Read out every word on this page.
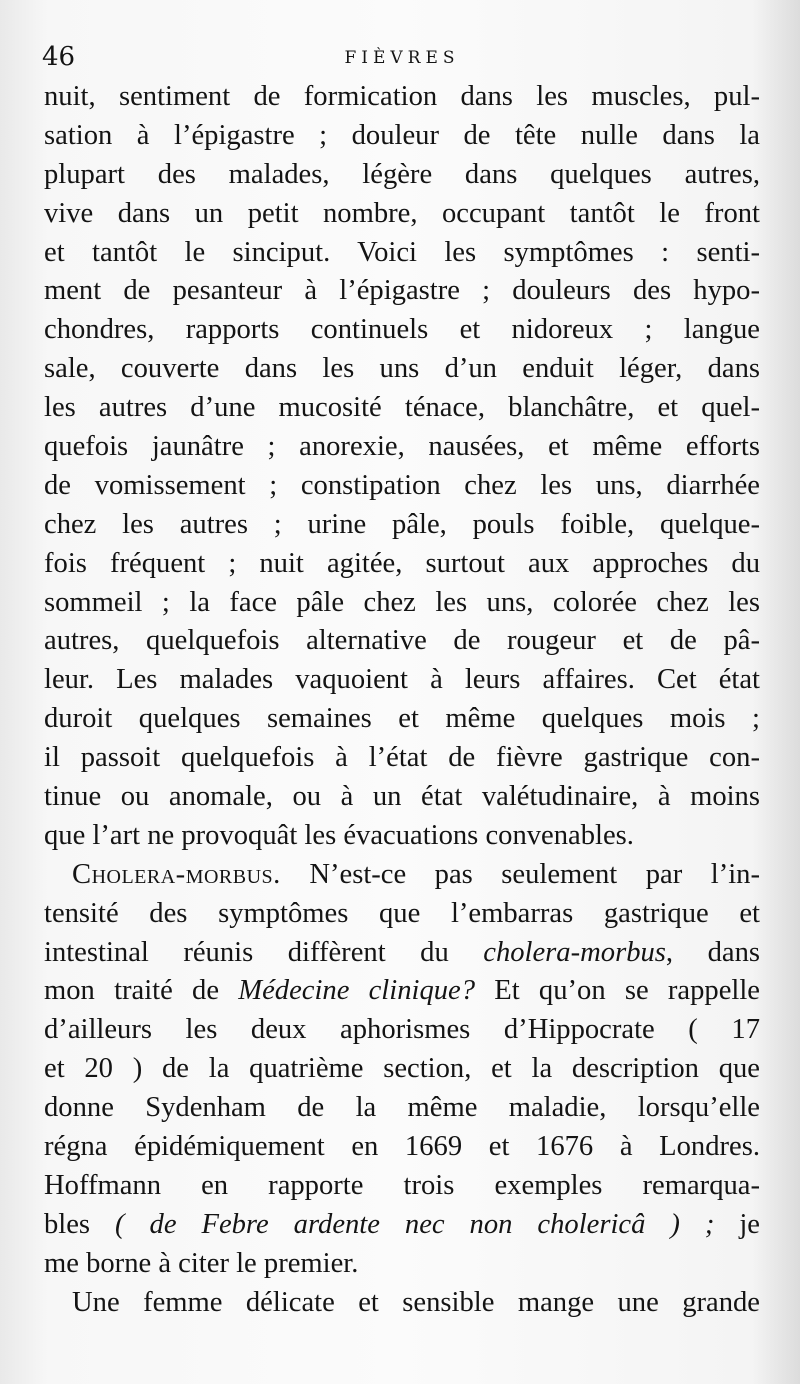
46	FIÈVRES
nuit, sentiment de formication dans les muscles, pul-
sation à l’épigastre ; douleur de tête nulle dans la
plupart des malades, légère dans quelques autres,
vive dans un petit nombre, occupant tantôt le front
et tantôt le sinciput. Voici les symptômes : senti-
ment de pesanteur à l’épigastre ; douleurs des hypo-
chondres, rapports continuels et nidoreux ; langue
sale, couverte dans les uns d’un enduit léger, dans
les autres d’une mucosité ténace, blanchâtre, et quel-
quefois jaunâtre ; anorexie, nausées, et même efforts
de vomissement ; constipation chez les uns, diarrhée
chez les autres ; urine pâle, pouls foible, quelque-
fois fréquent ; nuit agitée, surtout aux approches du
sommeil ; la face pâle chez les uns, colorée chez les
autres, quelquefois alternative de rougeur et de pâ-
leur. Les malades vaquoient à leurs affaires. Cet état
duroit quelques semaines et même quelques mois ;
il passoit quelquefois à l’état de fièvre gastrique con-
tinue ou anomale, ou à un état valétudinaire, à moins
que l’art ne provoquât les évacuations convenables.
Cholera-morbus. N’est-ce pas seulement par l’in-
tensité des symptômes que l’embarras gastrique et
intestinal réunis diffèrent du cholera-morbus, dans
mon traité de Médecine clinique? Et qu’on se rappelle
d’ailleurs les deux aphorismes d’Hippocrate ( 17
et 20 ) de la quatrième section, et la description que
donne Sydenham de la même maladie, lorsqu’elle
régna épidémiquement en 1669 et 1676 à Londres.
Hoffmann en rapporte trois exemples remarqua-
bles ( de Febre ardente nec non cholericâ ) ; je
me borne à citer le premier.
Une femme délicate et sensible mange une grande
